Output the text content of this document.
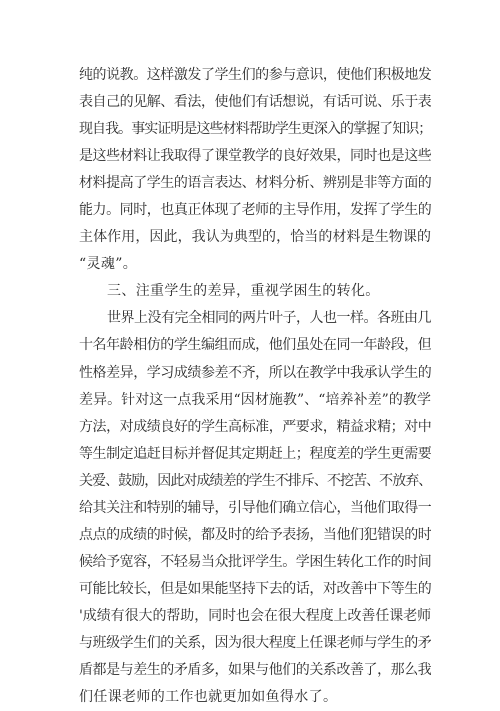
纯的说教。这样激发了学生们的参与意识，使他们积极地发
表自己的见解、看法，使他们有话想说，有话可说、乐于表
现自我。事实证明是这些材料帮助学生更深入的掌握了知识；
是这些材料让我取得了课堂教学的良好效果，同时也是这些
材料提高了学生的语言表达、材料分析、辨别是非等方面的
能力。同时，也真正体现了老师的主导作用，发挥了学生的
主体作用，因此，我认为典型的，恰当的材料是生物课的
“灵魂”。
三、注重学生的差异，重视学困生的转化。
世界上没有完全相同的两片叶子，人也一样。各班由几
十名年龄相仿的学生编组而成，他们虽处在同一年龄段，但
性格差异，学习成绩参差不齐，所以在教学中我承认学生的
差异。针对这一点我采用“因材施教”、“培养补差”的教学
方法，对成绩良好的学生高标准，严要求，精益求精；对中
等生制定追赶目标并督促其定期赶上；程度差的学生更需要
关爱、鼓励，因此对成绩差的学生不排斥、不挖苦、不放弃、
给其关注和特别的辅导，引导他们确立信心，当他们取得一
点点的成绩的时候，都及时的给予表扬，当他们犯错误的时
候给予宽容，不轻易当众批评学生。学困生转化工作的时间
可能比较长，但是如果能坚持下去的话，对改善中下等生的
'成绩有很大的帮助，同时也会在很大程度上改善任课老师
与班级学生们的关系，因为很大程度上任课老师与学生的矛
盾都是与差生的矛盾多，如果与他们的关系改善了，那么我
们任课老师的工作也就更加如鱼得水了。
